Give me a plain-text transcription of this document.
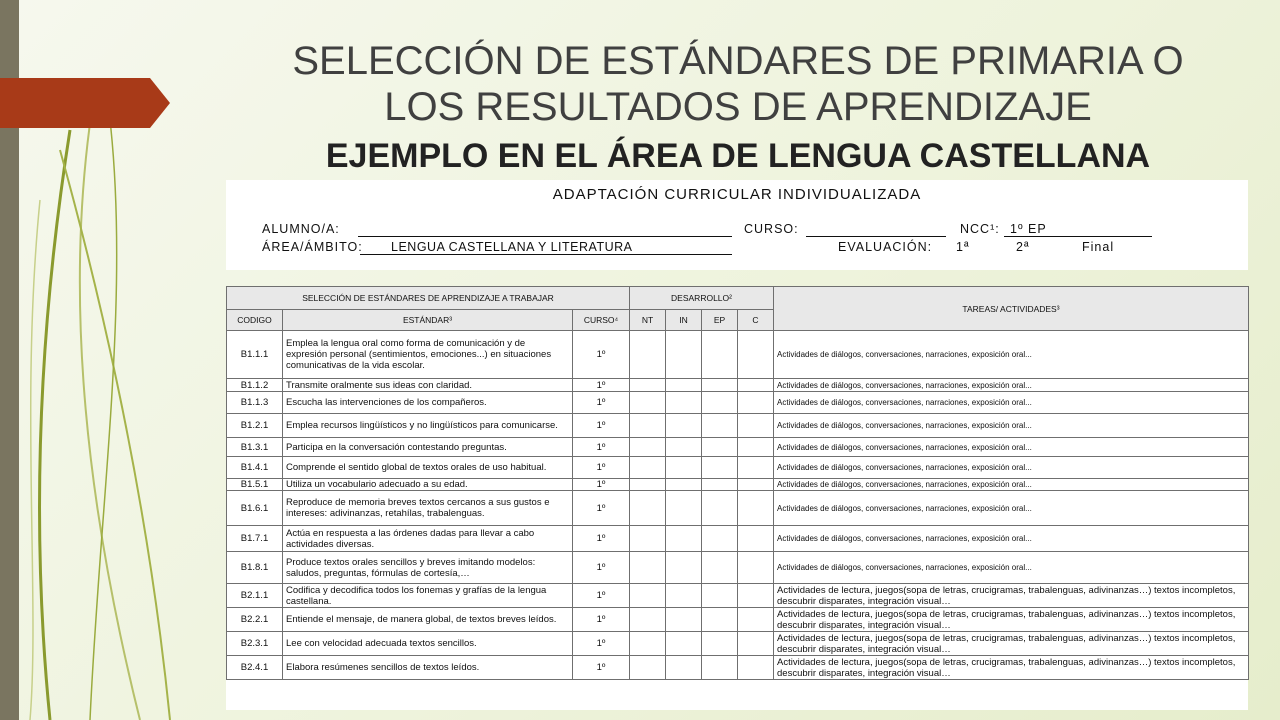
SELECCIÓN DE ESTÁNDARES DE PRIMARIA O
LOS RESULTADOS DE APRENDIZAJE
EJEMPLO EN EL ÁREA DE LENGUA CASTELLANA
ADAPTACIÓN CURRICULAR INDIVIDUALIZADA
ALUMNO/A:	CURSO:	NCC¹: 1º EP
ÁREA/ÁMBITO: LENGUA CASTELLANA Y LITERATURA	EVALUACIÓN: 1ª	2ª	Final
SELECCIÓN DE ESTÁNDARES DE APRENDIZAJE A TRABAJAR			DESARROLLO²				TAREAS/ ACTIVIDADES³
CODIGO	ESTÁNDAR³	CURSO⁴	NT	IN	EP	C	
B1.1.1	Emplea la lengua oral como forma de comunicación y de expresión personal (sentimientos, emociones...) en situaciones comunicativas de la vida escolar.	1º					Actividades de diálogos, conversaciones, narraciones, exposición oral...
B1.1.2	Transmite oralmente sus ideas con claridad.	1º					Actividades de diálogos, conversaciones, narraciones, exposición oral...
B1.1.3	Escucha las intervenciones de los compañeros.	1º					Actividades de diálogos, conversaciones, narraciones, exposición oral...
B1.2.1	Emplea recursos lingüísticos y no lingüísticos para comunicarse.	1º					Actividades de diálogos, conversaciones, narraciones, exposición oral...
B1.3.1	Participa en la conversación contestando preguntas.	1º					Actividades de diálogos, conversaciones, narraciones, exposición oral...
B1.4.1	Comprende el sentido global de textos orales de uso habitual.	1º					Actividades de diálogos, conversaciones, narraciones, exposición oral...
B1.5.1	Utiliza un vocabulario adecuado a su edad.	1º					Actividades de diálogos, conversaciones, narraciones, exposición oral...
B1.6.1	Reproduce de memoria breves textos cercanos a sus gustos e intereses: adivinanzas, retahílas, trabalenguas.	1º					Actividades de diálogos, conversaciones, narraciones, exposición oral...
B1.7.1	Actúa en respuesta a las órdenes dadas para llevar a cabo actividades diversas.	1º					Actividades de diálogos, conversaciones, narraciones, exposición oral...
B1.8.1	Produce textos orales sencillos y breves imitando modelos: saludos, preguntas, fórmulas de cortesía,…	1º					Actividades de diálogos, conversaciones, narraciones, exposición oral...
B2.1.1	Codifica y decodifica todos los fonemas y grafías de la lengua castellana.	1º					Actividades de lectura, juegos(sopa de letras, crucigramas, trabalenguas, adivinanzas…) textos incompletos, descubrir disparates, integración visual…
B2.2.1	Entiende el mensaje, de manera global, de textos breves leídos.	1º					Actividades de lectura, juegos(sopa de letras, crucigramas, trabalenguas, adivinanzas…) textos incompletos, descubrir disparates, integración visual…
B2.3.1	Lee con velocidad adecuada textos sencillos.	1º					Actividades de lectura, juegos(sopa de letras, crucigramas, trabalenguas, adivinanzas…) textos incompletos, descubrir disparates, integración visual…
B2.4.1	Elabora resúmenes sencillos de textos leídos.	1º					Actividades de lectura, juegos(sopa de letras, crucigramas, trabalenguas, adivinanzas…) textos incompletos, descubrir disparates, integración visual…
